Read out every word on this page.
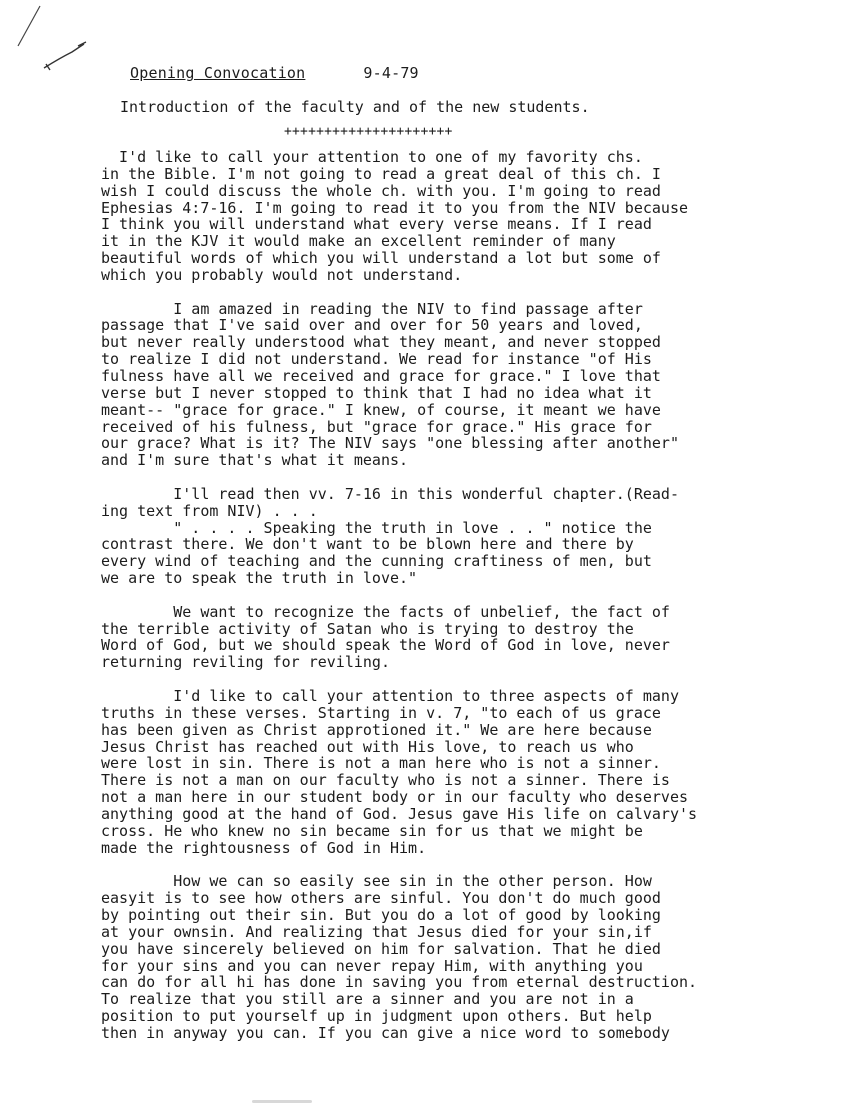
Opening Convocation	9-4-79
Introduction of the faculty and of the new students.
+++++++++++++++++++++
I'd like to call your attention to one of my favority chs.
in the Bible. I'm not going to read a great deal of this ch. I
wish I could discuss the whole ch. with you. I'm going to read
Ephesias 4:7-16. I'm going to read it to you from the NIV because
I think you will understand what every verse means. If I read
it in the KJV it would make an excellent reminder of many
beautiful words of which you will understand a lot but some of
which you probably would not understand.
I am amazed in reading the NIV to find passage after
passage that I've said over and over for 50 years and loved,
but never really understood what they meant, and never stopped
to realize I did not understand. We read for instance "of His
fulness have all we received and grace for grace." I love that
verse but I never stopped to think that I had no idea what it
meant-- "grace for grace." I knew, of course, it meant we have
received of his fulness, but "grace for grace." His grace for
our grace? What is it? The NIV says "one blessing after another"
and I'm sure that's what it means.
I'll read then vv. 7-16 in this wonderful chapter.(Read-
ing text from NIV) . . .
" . . . . Speaking the truth in love . . " notice the
contrast there. We don't want to be blown here and there by
every wind of teaching and the cunning craftiness of men, but
we are to speak the truth in love."
We want to recognize the facts of unbelief, the fact of
the terrible activity of Satan who is trying to destroy the
Word of God, but we should speak the Word of God in love, never
returning reviling for reviling.
I'd like to call your attention to three aspects of many
truths in these verses. Starting in v. 7, "to each of us grace
has been given as Christ approtioned it." We are here because
Jesus Christ has reached out with His love, to reach us who
were lost in sin. There is not a man here who is not a sinner.
There is not a man on our faculty who is not a sinner. There is
not a man here in our student body or in our faculty who deserves
anything good at the hand of God. Jesus gave His life on calvary's
cross. He who knew no sin became sin for us that we might be
made the rightousness of God in Him.
How we can so easily see sin in the other person. How
easyit is to see how others are sinful. You don't do much good
by pointing out their sin. But you do a lot of good by looking
at your ownsin. And realizing that Jesus died for your sin,if
you have sincerely believed on him for salvation. That he died
for your sins and you can never repay Him, with anything you
can do for all hi has done in saving you from eternal destruction.
To realize that you still are a sinner and you are not in a
position to put yourself up in judgment upon others. But help
then in anyway you can. If you can give a nice word to somebody
